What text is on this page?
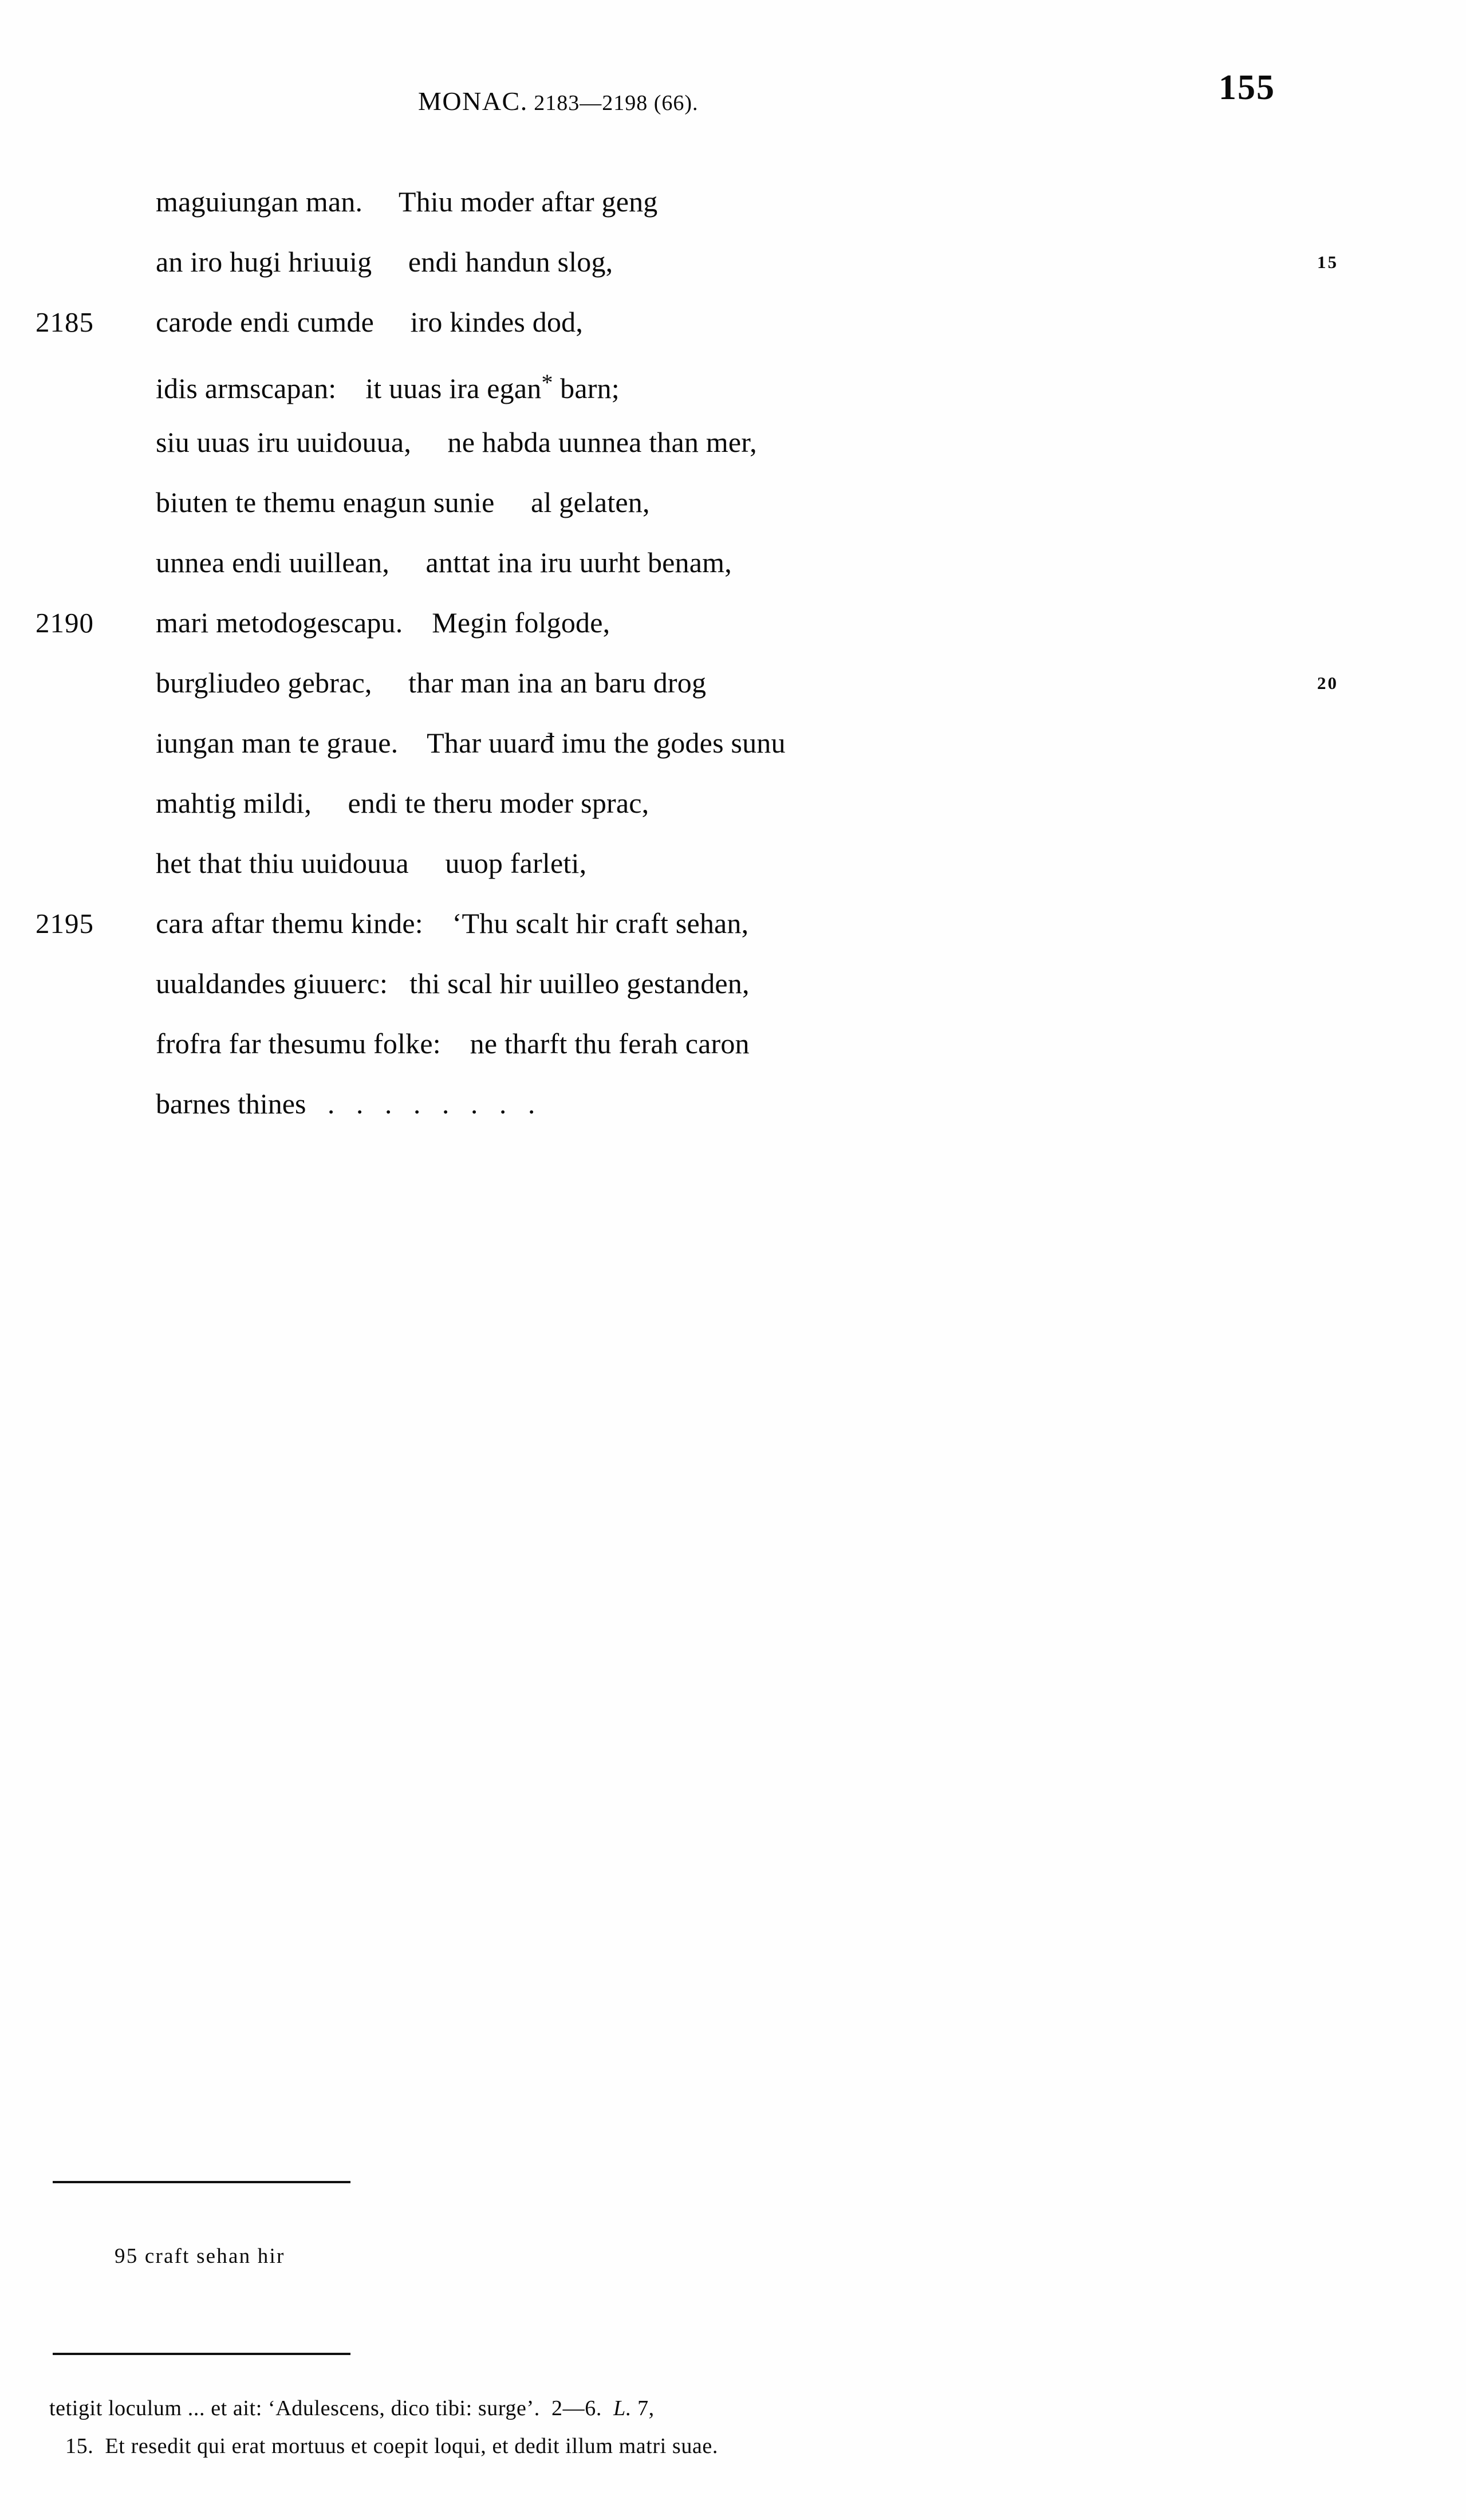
MONAC. 2183—2198 (66).	155

maguiungan man.     Thiu moder aftar geng

an iro hugi hriuuig     endi handun slog,

	15

2185

	carode endi cumde     iro kindes dod,

idis armscapan:    it uuas ira egan* barn;

siu uuas iru uuidouua,     ne habda uunnea than mer,

biuten te themu enagun sunie     al gelaten,

unnea endi uuillean,     anttat ina iru uurht benam,

2190

	mari metodogescapu.    Megin folgode,

burgliudeo gebrac,     thar man ina an baru drog

	20

iungan man te graue.    Thar uuarđ imu the godes sunu

mahtig mildi,     endi te theru moder sprac,

het that thiu uuidouua     uuop farleti,

2195

	cara aftar themu kinde:    ‘Thu scalt hir craft sehan,

uualdandes giuuerc:   thi scal hir uuilleo gestanden,

frofra far thesumu folke:    ne tharft thu ferah caron

barnes thines   .   .   .   .   .   .   .   .

95 craft sehan hir
tetigit loculum ... et ait: ‘Adulescens, dico tibi: surge’.  2—6.  L. 7,
15.  Et resedit qui erat mortuus et coepit loqui, et dedit illum matri suae.
